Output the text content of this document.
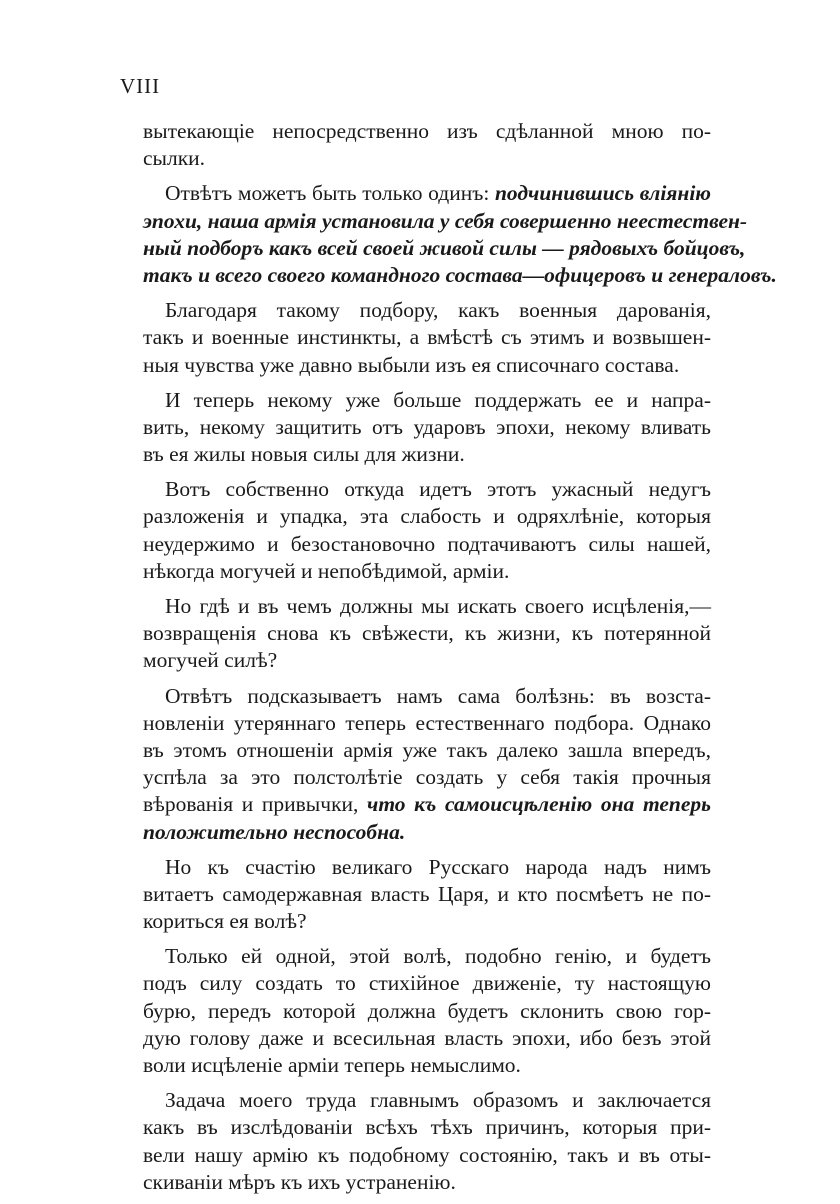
VIII
вытекающіе непосредственно изъ сдѣланной мною по-
сылки.
Отвѣтъ можетъ быть только одинъ: подчинившись вліянію
эпохи, наша армія установила у себя совершенно неестествен-
ный подборъ какъ всей своей живой силы — рядовыхъ бойцовъ,
такъ и всего своего командного состава—офицеровъ и генераловъ.
Благодаря такому подбору, какъ военныя дарованія,
такъ и военные инстинкты, а вмѣстѣ съ этимъ и возвышен-
ныя чувства уже давно выбыли изъ ея списочнаго состава.
И теперь некому уже больше поддержать ее и напра-
вить, некому защитить отъ ударовъ эпохи, некому вливать
въ ея жилы новыя силы для жизни.
Вотъ собственно откуда идетъ этотъ ужасный недугъ
разложенія и упадка, эта слабость и одряхлѣніе, которыя
неудержимо и безостановочно подтачиваютъ силы нашей,
нѣкогда могучей и непобѣдимой, арміи.
Но гдѣ и въ чемъ должны мы искать своего исцѣленія,—
возвращенія снова къ свѣжести, къ жизни, къ потерянной
могучей силѣ?
Отвѣтъ подсказываетъ намъ сама болѣзнь: въ возста-
новленіи утеряннаго теперь естественнаго подбора. Однако
въ этомъ отношеніи армія уже такъ далеко зашла впередъ,
успѣла за это полстолѣтіе создать у себя такія прочныя
вѣрованія и привычки, что къ самоисцѣленію она теперь
положительно неспособна.
Но къ счастію великаго Русскаго народа надъ нимъ
витаетъ самодержавная власть Царя, и кто посмѣетъ не по-
кориться ея волѣ?
Только ей одной, этой волѣ, подобно генію, и будетъ
подъ силу создать то стихійное движеніе, ту настоящую
бурю, передъ которой должна будетъ склонить свою гор-
дую голову даже и всесильная власть эпохи, ибо безъ этой
воли исцѣленіе арміи теперь немыслимо.
Задача моего труда главнымъ образомъ и заключается
какъ въ изслѣдованіи всѣхъ тѣхъ причинъ, которыя при-
вели нашу армію къ подобному состоянію, такъ и въ оты-
скиваніи мѣръ къ ихъ устраненію.
